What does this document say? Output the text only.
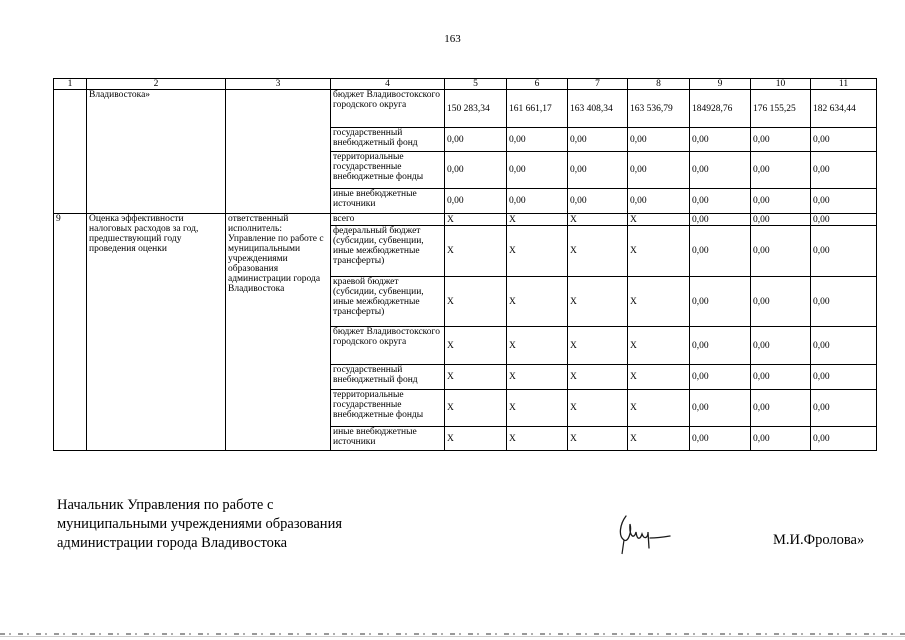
163
1	2	3	4	5	6	7	8	9	10	11
	Владивостока»		бюджет Владивостокского городского округа	150 283,34	161 661,17	163 408,34	163 536,79	184928,76	176 155,25	182 634,44
			государственный внебюджетный фонд	0,00	0,00	0,00	0,00	0,00	0,00	0,00
			территориальные государственные внебюджетные фонды	0,00	0,00	0,00	0,00	0,00	0,00	0,00
			иные внебюджетные источники	0,00	0,00	0,00	0,00	0,00	0,00	0,00
9	Оценка эффективности налоговых расходов за год, предшествующий году проведения оценки	ответственный исполнитель: Управление по работе с муниципальными учреждениями образования администрации города Владивостока	всего	X	X	X	X	0,00	0,00	0,00
			федеральный бюджет (субсидии, субвенции, иные межбюджетные трансферты)	X	X	X	X	0,00	0,00	0,00
			краевой бюджет (субсидии, субвенции, иные межбюджетные трансферты)	X	X	X	X	0,00	0,00	0,00
			бюджет Владивостокского городского округа	X	X	X	X	0,00	0,00	0,00
			государственный внебюджетный фонд	X	X	X	X	0,00	0,00	0,00
			территориальные государственные внебюджетные фонды	X	X	X	X	0,00	0,00	0,00
			иные внебюджетные источники	X	X	X	X	0,00	0,00	0,00
Начальник Управления по работе с
муниципальными учреждениями образования
администрации города Владивостока	М.И.Фролова»
